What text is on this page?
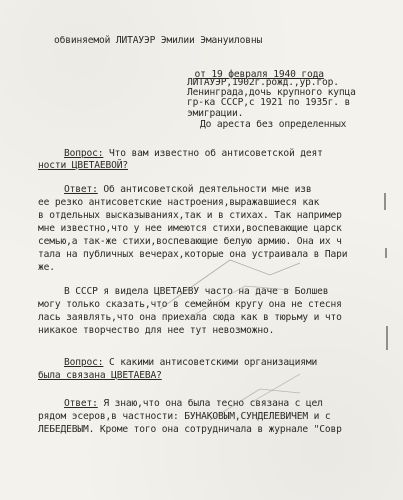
обвиняемой ЛИТАУЭР Эмилии Эмануиловны

от 19 февраля 1940 года

ЛИТАУЭР,1902г.рожд.,ур.гор.
Ленинграда,дочь крупного купца
гр-ка СССР,с 1921 по 1935г. в
эмиграции.
До ареста без определенных
Вопрос: Что вам известно об антисоветской деят
ности ЦВЕТАЕВОЙ?
Ответ: Об антисоветской деятельности мне изв
ее резко антисоветские настроения,выражавшиеся как
в отдельных высказываниях,так и в стихах. Так например
мне известно,что у нее имеются стихи,воспевающие царск
семью,а так-же стихи,воспевающие белую армию. Она их ч
тала на публичных вечерах,которые она устраивала в Пари
же.
В СССР я видела ЦВЕТАЕВУ часто на даче в Болшев
могу только сказать,что в семейном кругу она не стесня
лась заявлять,что она приехала сюда как в тюрьму и что
никакое творчество для нее тут невозможно.
Вопрос: С какими антисоветскими организациями
была связана ЦВЕТАЕВА?
Ответ: Я знаю,что она была тесно связана с цел
рядом эсеров,в частности: БУНАКОВЫМ,СУНДЕЛЕВИЧЕМ и с
ЛЕБЕДЕВЫМ. Кроме того она сотрудничала в журнале "Совр
